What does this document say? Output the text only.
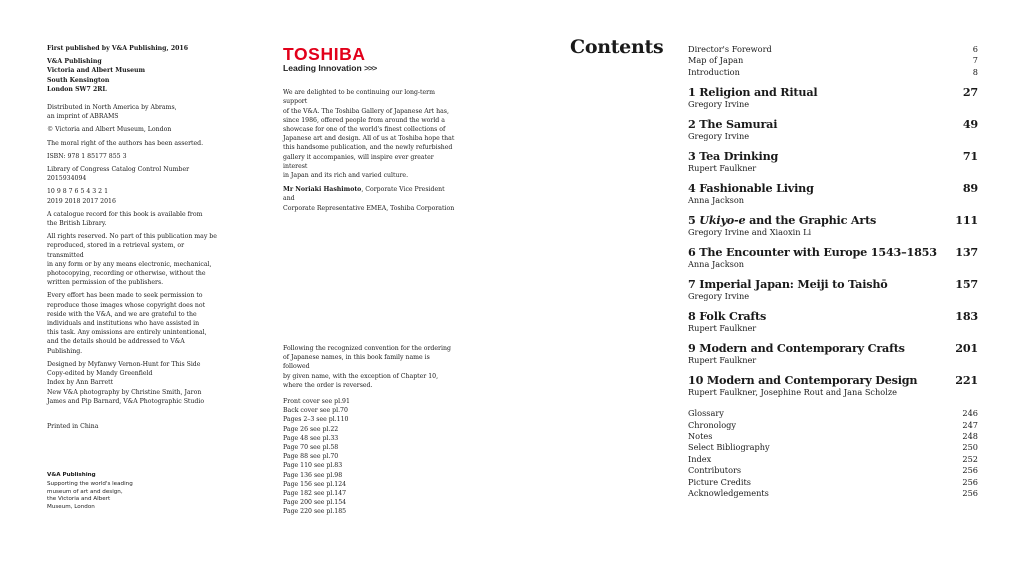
First published by V&A Publishing, 2016

V&A Publishing

Victoria and Albert Museum

South Kensington

London SW7 2RL

Distributed in North America by Abrams,

an imprint of ABRAMS

© Victoria and Albert Museum, London

The moral right of the authors has been asserted.

ISBN: 978 1 85177 855 3

Library of Congress Catalog Control Number

2015934094

10 9 8 7 6 5 4 3 2 1

2019 2018 2017 2016

A catalogue record for this book is available from

the British Library.

All rights reserved. No part of this publication may be

reproduced, stored in a retrieval system, or transmitted

in any form or by any means electronic, mechanical,

photocopying, recording or otherwise, without the

written permission of the publishers.

Every effort has been made to seek permission to

reproduce those images whose copyright does not

reside with the V&A, and we are grateful to the

individuals and institutions who have assisted in

this task. Any omissions are entirely unintentional,

and the details should be addressed to V&A Publishing.

Designed by Myfanwy Vernon-Hunt for This Side

Copy-edited by Mandy Greenfield

Index by Ann Barrett

New V&A photography by Christine Smith, Jaron

James and Pip Barnard, V&A Photographic Studio

Printed in China

V&A Publishing

Supporting the world's leading

museum of art and design,

the Victoria and Albert

Museum, London

TOSHIBA
Leading Innovation >>>

We are delighted to be continuing our long-term support

of the V&A. The Toshiba Gallery of Japanese Art has,

since 1986, offered people from around the world a

showcase for one of the world's finest collections of

Japanese art and design. All of us at Toshiba hope that

this handsome publication, and the newly refurbished

gallery it accompanies, will inspire ever greater interest

in Japan and its rich and varied culture.

Mr Noriaki Hashimoto, Corporate Vice President and

Corporate Representative EMEA, Toshiba Corporation

Following the recognized convention for the ordering

of Japanese names, in this book family name is followed

by given name, with the exception of Chapter 10,

where the order is reversed.

Front cover see pl.91

Back cover see pl.70

Pages 2–3 see pl.110

Page 26 see pl.22

Page 48 see pl.33

Page 70 see pl.58

Page 88 see pl.70

Page 110 see pl.83

Page 136 see pl.98

Page 156 see pl.124

Page 182 see pl.147

Page 200 see pl.154

Page 220 see pl.185

Contents	Director's Foreword	6
Map of Japan	7
Introduction	8
1 Religion and Ritual	27
Gregory Irvine
2 The Samurai	49
Gregory Irvine
3 Tea Drinking	71
Rupert Faulkner
4 Fashionable Living	89
Anna Jackson
5 Ukiyo-e and the Graphic Arts	111
Gregory Irvine and Xiaoxin Li
6 The Encounter with Europe 1543–1853 137
Anna Jackson
7 Imperial Japan: Meiji to Taishō	157
Gregory Irvine
8 Folk Crafts	183
Rupert Faulkner
9 Modern and Contemporary Crafts	201
Rupert Faulkner
10 Modern and Contemporary Design	221
Rupert Faulkner, Josephine Rout and Jana Scholze
Glossary	246
Chronology	247
Notes	248
Select Bibliography	250
Index	252
Contributors	256
Picture Credits	256
Acknowledgements	256
